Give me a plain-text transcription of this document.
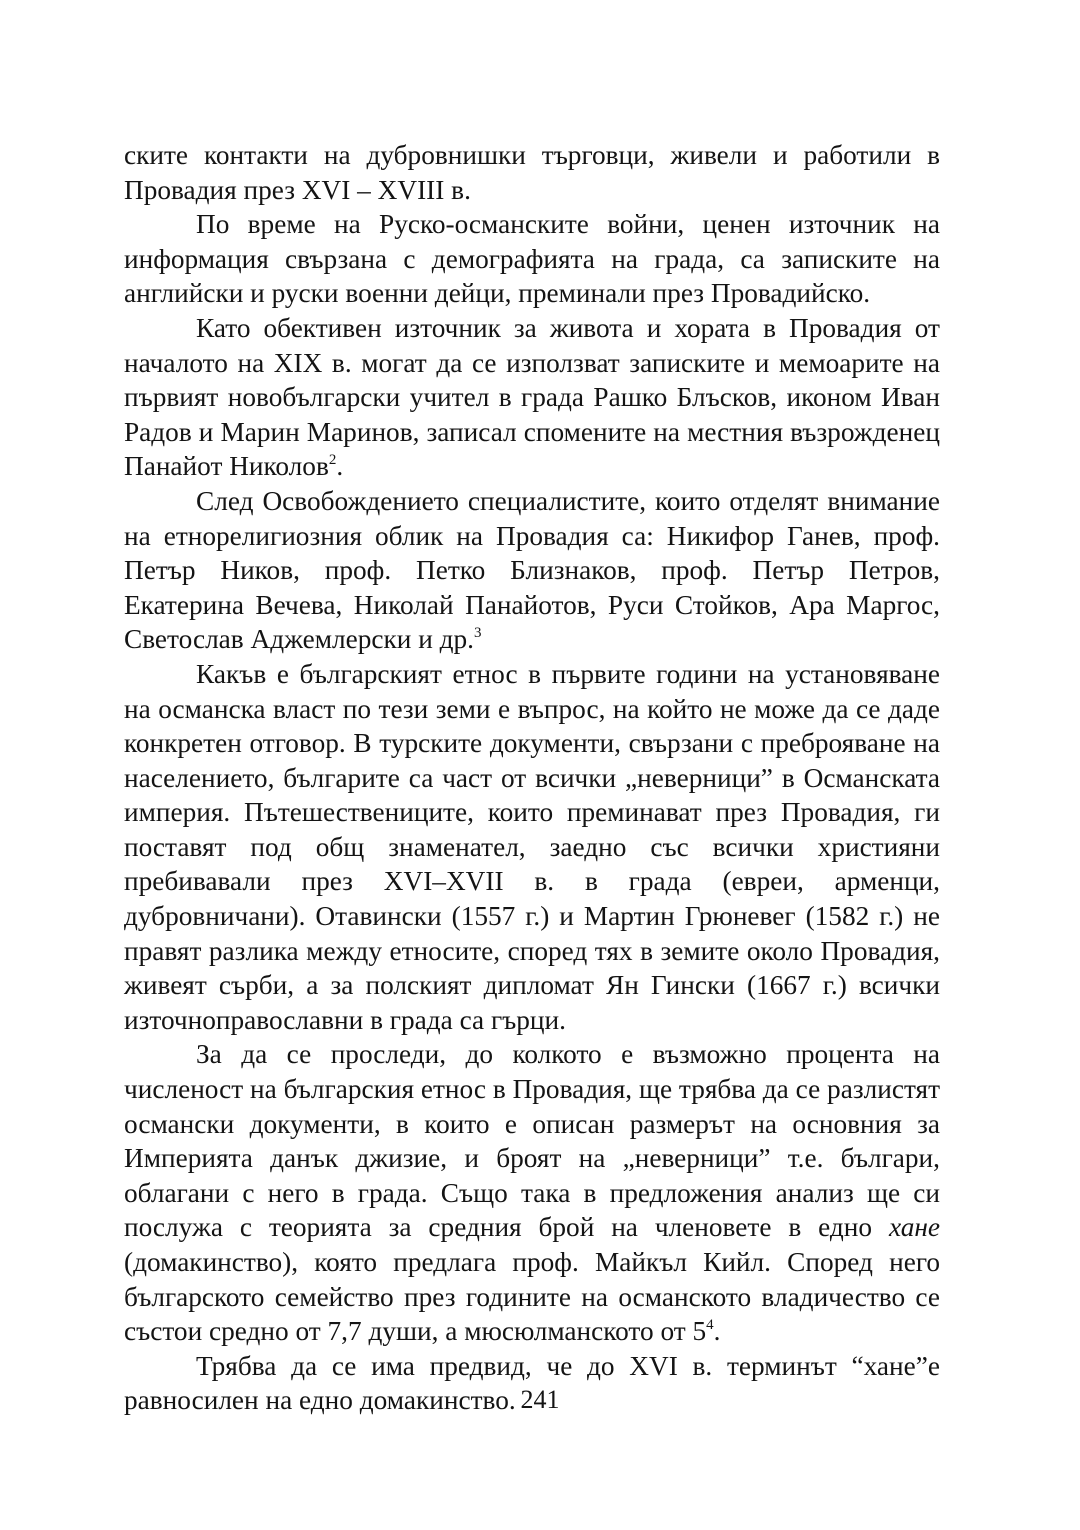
ските контакти на дубровнишки търговци, живели и работили в Провадия през XVI – XVIII в.

По време на Руско-османските войни, ценен източник на информация свързана с демографията на града, са записките на английски и руски военни дейци, преминали през Провадийско.

Като обективен източник за живота и хората в Провадия от началото на XIX в. могат да се използват записките и мемоарите на първият новобългарски учител в града Рашко Блъсков, иконом Иван Радов и Марин Маринов, записал спомените на местния възрожденец Панайот Николов$^2$.

След Освобождението специалистите, които отделят внимание на етнорелигиозния облик на Провадия са: Никифор Ганев, проф. Петър Ников, проф. Петко Близнаков, проф. Петър Петров, Екатерина Вечева, Николай Панайотов, Руси Стойков, Ара Маргос, Светослав Аджемлерски и др.$^3$

Какъв е българският етнос в първите години на установяване на османска власт по тези земи е въпрос, на който не може да се даде конкретен отговор. В турските документи, свързани с преброяване на населението, българите са част от всички „неверници” в Османската империя. Пътешествениците, които преминават през Провадия, ги поставят под общ знаменател, заедно със всички християни пребивавали през XVI–XVII в. в града (евреи, арменци, дубровничани). Отавински (1557 г.) и Мартин Грюневег (1582 г.) не правят разлика между етносите, според тях в земите около Провадия, живеят сърби, а за полският дипломат Ян Гински (1667 г.) всички източноправославни в града са гърци.

За да се проследи, до колкото е възможно процента на численост на българския етнос в Провадия, ще трябва да се разлистят османски документи, в които е описан размерът на основния за Империята данък джизие, и броят на „неверници” т.е. българи, облагани с него в града. Също така в предложения анализ ще си послужа с теорията за средния брой на членовете в едно хане (домакинство), която предлага проф. Майкъл Кийл. Според него българското семейство през годините на османското владичество се състои средно от 7,7 души, а мюсюлманското от $5^4$.

Трябва да се има предвид, че до XVI в. терминът “хане”е равносилен на едно домакинство. 241
